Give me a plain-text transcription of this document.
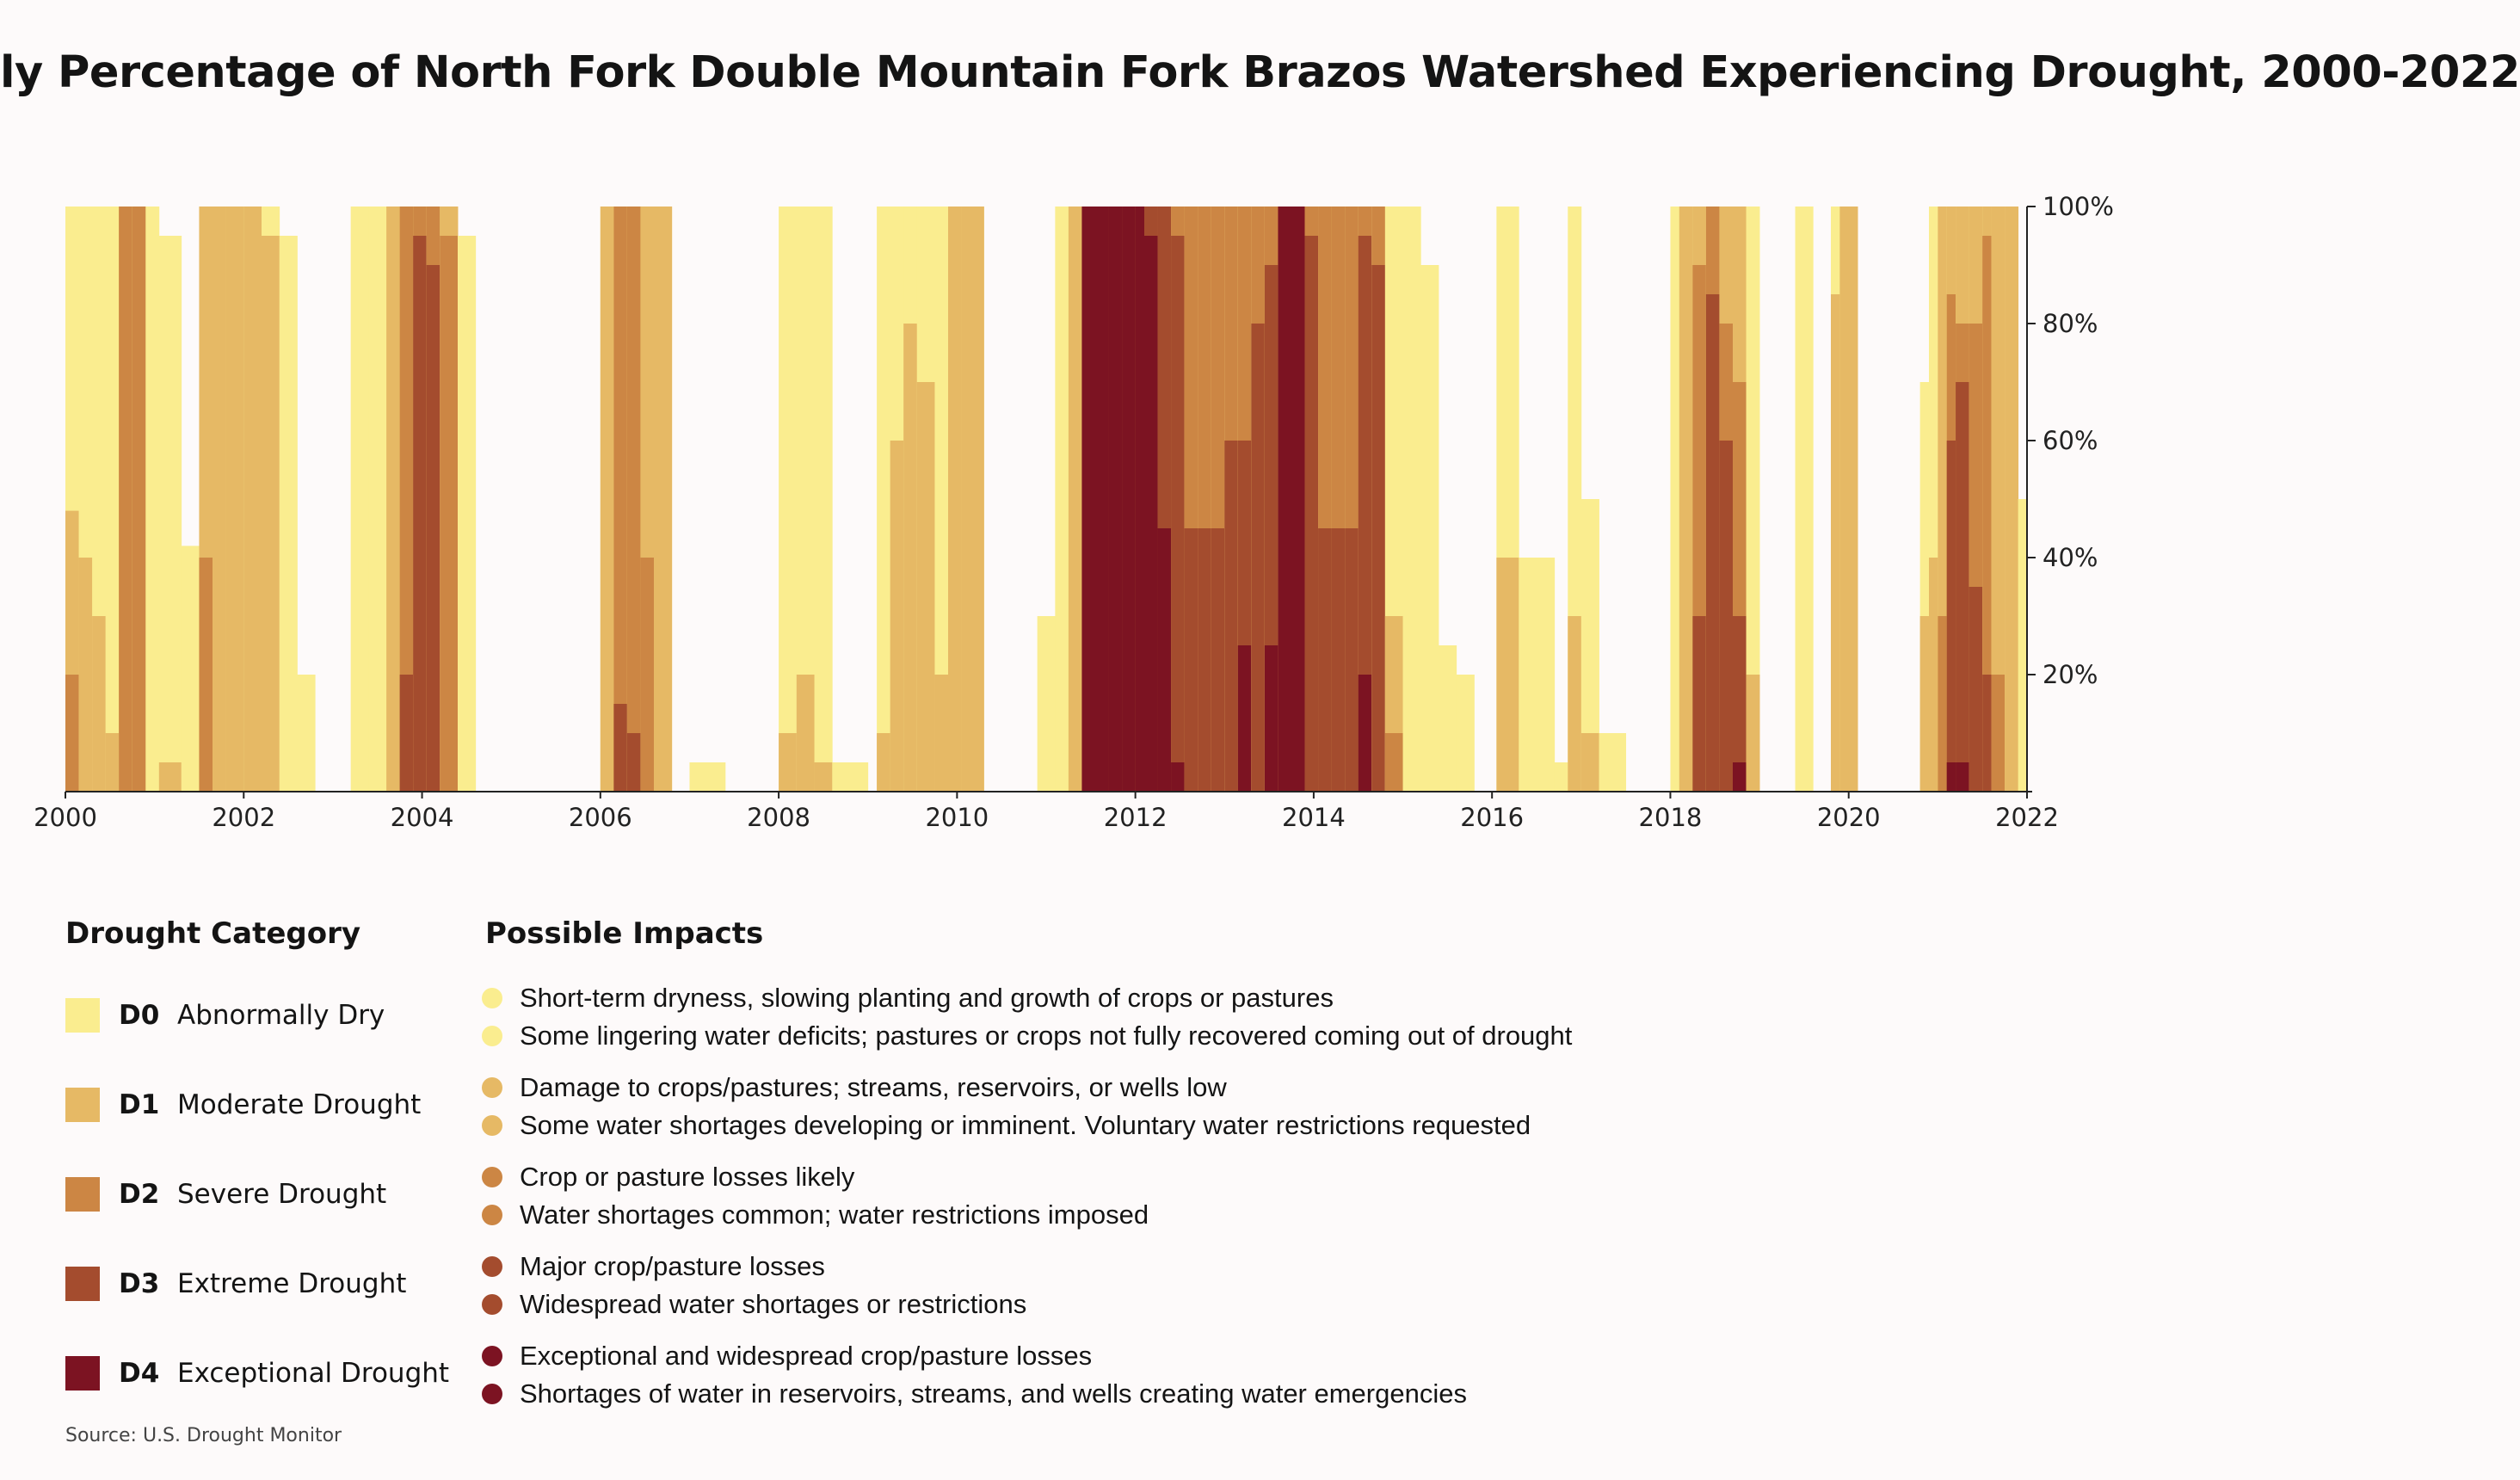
ly Percentage of North Fork Double Mountain Fork Brazos Watershed Experiencing Drought, 2000-2022
2000	2002	2004	2006	2008	2010	2012	2014	2016	2018	2020	2022
20%
40%
60%
80%
100%
Drought Category	Possible Impacts
D0 Abnormally Dry
D1 Moderate Drought
D2 Severe Drought
D3 Extreme Drought
D4 Exceptional Drought
Short-term dryness, slowing planting and growth of crops or pastures
Some lingering water deficits; pastures or crops not fully recovered coming out of drought
Damage to crops/pastures; streams, reservoirs, or wells low
Some water shortages developing or imminent. Voluntary water restrictions requested
Crop or pasture losses likely
Water shortages common; water restrictions imposed
Major crop/pasture losses
Widespread water shortages or restrictions
Exceptional and widespread crop/pasture losses
Shortages of water in reservoirs, streams, and wells creating water emergencies
Source: U.S. Drought Monitor
